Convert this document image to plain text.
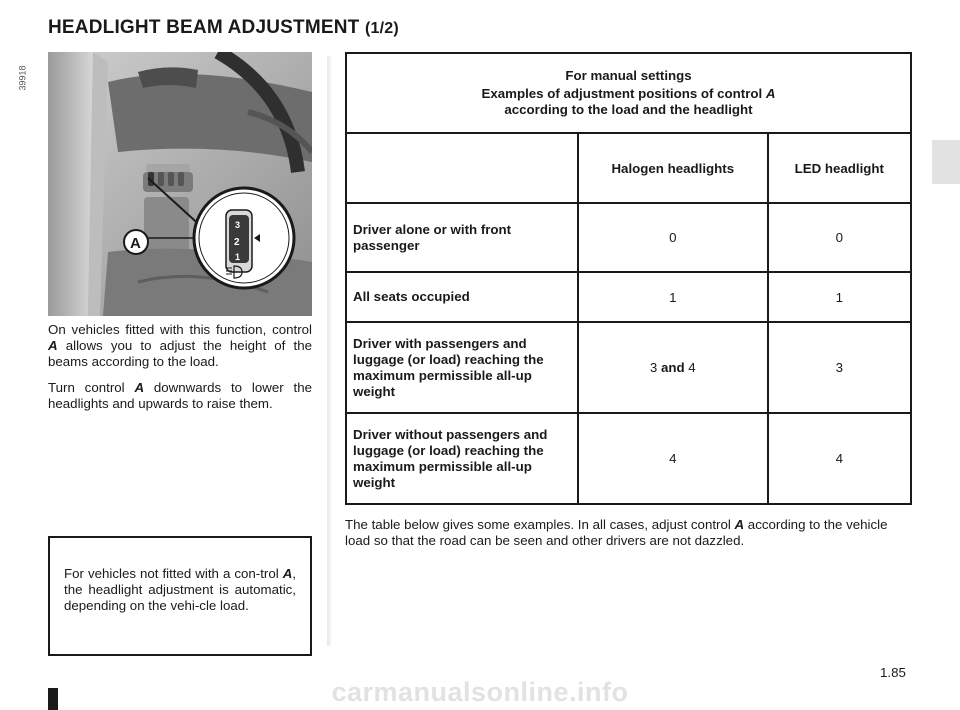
HEADLIGHT BEAM ADJUSTMENT (1/2)
39918
3
2
1
A
On vehicles fitted with this function, control A allows you to adjust the height of the beams according to the load.
Turn control A downwards to lower the headlights and upwards to raise them.
For vehicles not fitted with a con-trol A, the headlight adjustment is automatic, depending on the vehi-cle load.
For manual settings
Examples of adjustment positions of control A
according to the load and the headlight		

	Halogen headlights	LED headlight
Driver alone or with front passenger	0	0
All seats occupied	1	1
Driver with passengers and luggage (or load) reaching the maximum permissible all-up weight	3 and 4	3
Driver without passengers and luggage (or load) reaching the maximum permissible all-up weight	4	4
The table below gives some examples. In all cases, adjust control A according to the vehicle load so that the road can be seen and other drivers are not dazzled.
1.85
carmanualsonline.info
